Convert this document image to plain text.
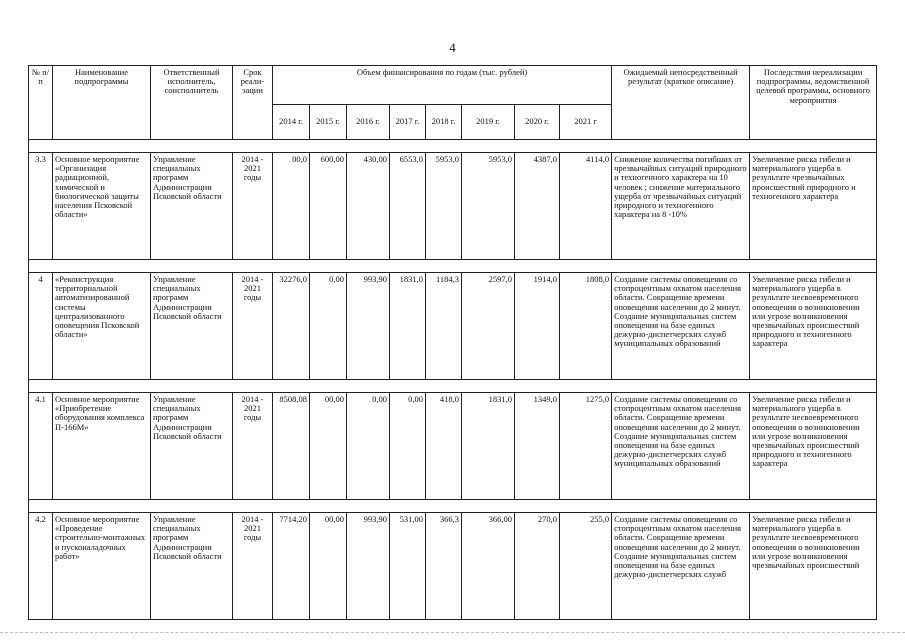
4
№ п/п	Наименование подпрограммы	Ответственный исполнитель, соисполнитель	Срок реали-зации	Объем финансирования по годам (тыс. рублей)								Ожидаемый непосредственный результат (краткое описание)	Последствия нереализации подпрограммы, ведомственной целевой программы, основного мероприятия
				2014 г.	2015 г.	2016 г.	2017 г.	2018 г.	2019 г.	2020 г.	2021 г		

3.3	Основное мероприятие «Организация радиационной, химической и биологической защиты населения Псковской области»	Управление специальных программ Администрации Псковской области	2014 - 2021 годы	00,0	600,00	430,00	6553,0	5953,0	5953,0	4387,0	4114,0	Снижение количества погибших от чрезвычайных ситуаций природного и техногенного характера на 10 человек ; снижение материального ущерба от чрезвычайных ситуаций природного и техногенного характера на 8 -10%	Увеличение риска гибели и материального ущерба в результате чрезвычайных происшествий природного и техногенного характера

4	«Реконструкция территориальной автоматизированной системы централизованного оповещения Псковской области»	Управление специальных программ Администрации Псковской области	2014 - 2021 годы	32276,0	0,00	993,90	1831,0	1184,3	2597,0	1914,0	1808,0	Создание системы оповещения со стопроцентным охватом населения области. Сокращение времени оповещения населения до 2 минут. Создание муниципальных систем оповещения на базе единых дежурно-диспетчерских служб муниципальных образований	Увеличение риска гибели и материального ущерба в результате несвоевременного оповещения о возникновении или угрозе возникновения чрезвычайных происшествий природного и техногенного характера

4.1	Основное мероприятие «Приобретение оборудования комплекса П-166М»	Управление специальных программ Администрации Псковской области	2014 - 2021 годы	8508,08	00,00	0,00	0,00	418,0	1831,0	1349,0	1275,0	Создание системы оповещения со стопроцентным охватом населения области. Сокращение времени оповещения населения до 2 минут. Создание муниципальных систем оповещения на базе единых дежурно-диспетчерских служб муниципальных образований	Увеличение риска гибели и материального ущерба в результате несвоевременного оповещения о возникновении или угрозе возникновения чрезвычайных происшествий природного и техногенного характера

4.2	Основное мероприятие «Проведение строительно-монтажных и пусконаладочных работ»	Управление специальных программ Администрации Псковской области	2014 - 2021 годы	7714,20	00,00	993,90	531,00	366,3	366,00	270,0	255,0	Создание системы оповещения со стопроцентным охватом населения области. Сокращение времени оповещения населения до 2 минут. Создание муниципальных систем оповещения на базе единых дежурно-диспетчерских служб	Увеличение риска гибели и материального ущерба в результате несвоевременного оповещения о возникновении или угрозе возникновения чрезвычайных происшествий
